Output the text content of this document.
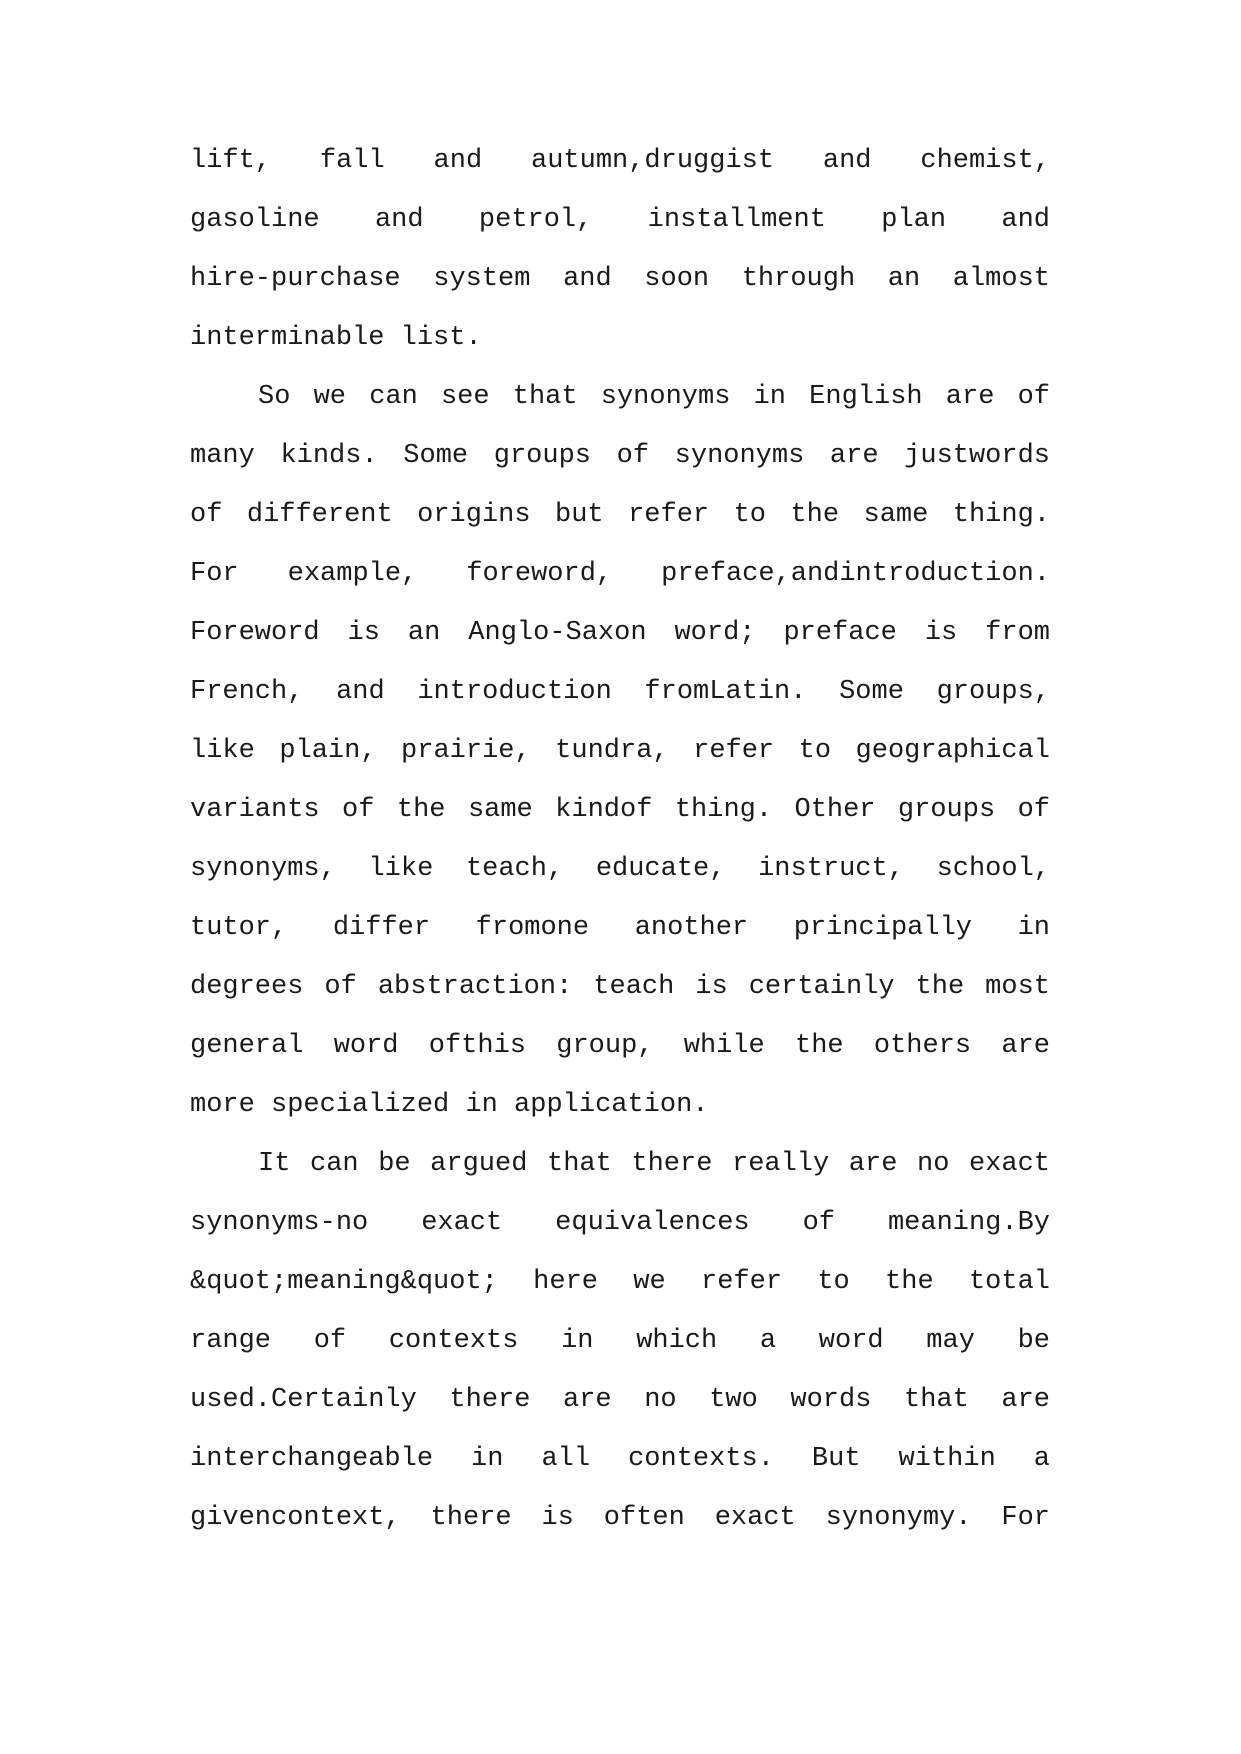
lift, fall and autumn,druggist and chemist,
gasoline and petrol, installment plan and
hire-purchase system and soon through an almost
interminable list.
So we can see that synonyms in English are of
many kinds. Some groups of synonyms are justwords
of different origins but refer to the same thing.
For example, foreword, preface,andintroduction.
Foreword is an Anglo-Saxon word; preface is from
French, and introduction fromLatin. Some groups,
like plain, prairie, tundra, refer to geographical
variants of the same kindof thing. Other groups of
synonyms, like teach, educate, instruct, school,
tutor, differ fromone another principally in
degrees of abstraction: teach is certainly the most
general word ofthis group, while the others are
more specialized in application.
It can be argued that there really are no exact
synonyms-no exact equivalences of meaning.By
&quot;meaning&quot; here we refer to the total
range of contexts in which a word may be
used.Certainly there are no two words that are
interchangeable in all contexts. But within a
givencontext, there is often exact synonymy. For
